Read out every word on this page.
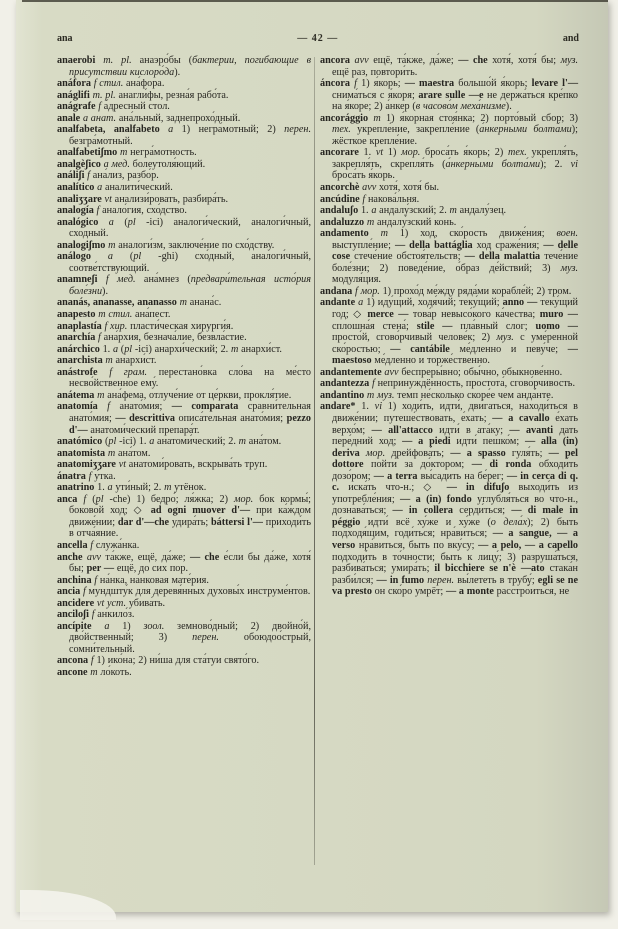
ana	— 42 —	and

anaerobi m. pl. анаэро́бы (бактерии, погибающие в присутствии кислоро́да).

anáfora f стил. ана́фора.

anáglifi m. pl. анагли́фы, резна́я рабо́та.

anágrafe f а́дресный стол.

anale a анат. ана́льный, заднепрохо́дный.

analfabeta, analfabeto a 1) негра́мотный; 2) перен. безгра́мотный.

analfabetiʃmo m негра́мотность.

analgèʃico a мед. болеутоля́ющий.

análiʃi f ана́лиз, разбо́р.

analítico a аналити́ческий.

analiʒʒare vt анализи́ровать, разбира́ть.

analogía f анало́гия, схо́дство.

analógico a (pl -ici) аналоги́ческий, аналоги́чный, схо́дный.

analogiʃmo m аналоги́зм, заключе́ние по схо́дству.

análogo a (pl -ghi) схо́дный, аналоги́чный, соотве́тствующий.

anamneʃi f мед. ана́мнез (предвари́тельная исто́рия боле́зни).

ananás, ananasse, ananasso m анана́с.

anapesto m стил. ана́пест.

anaplastía f хир. пласти́ческая хирурги́я.

anarchía f ана́рхия, безнача́лие, безвла́стие.

anárchico 1. a (pl -ici) анархи́ческий; 2. m анархи́ст.

anarchista m анархи́ст.

anástrofe f грам. перестано́вка сло́ва на ме́сто несво́йственное ему́.

anátema m ана́фема, отлуче́ние от це́ркви, прокля́тие.

anatomía f анато́мия; — comparata сравни́тельная анато́мия; — descrittiva описа́тельная анато́мия; pezzo d'— анатоми́ческий препара́т.

anatómico (pl -ici) 1. a анатоми́ческий; 2. m ана́том.

anatomista m ана́том.

anatomiʒʒare vt анатоми́ровать, вскрыва́ть труп.

ánatra f у́тка.

anatrino 1. a ути́ный; 2. m утёнок.

anca f (pl -che) 1) бедро́; ля́жка; 2) мор. бок кормы́; боково́й ход; ◇ ad ogni muover d'— при ка́ждом движе́нии; dar d'—che удира́ть; báttersi l'— приходи́ть в отча́яние.

ancella f служа́нка.

anche avv та́кже, ещё, да́же; — che е́сли бы да́же, хотя́ бы; per — ещё, до сих пор.

anchina f на́нка, на́нковая мате́рия.

ancia f мундшту́к для деревя́нных духовы́х инструме́нтов.

ancidere vt уст. убива́ть.

anciloʃi f анкило́з.

ancípite a 1) зоол. земново́дный; 2) двойно́й, дво́йственный; 3) перен. обоюдоо́стрый, сомни́тельный.

ancona f 1) ико́на; 2) ни́ша для ста́туи свято́го.

ancone m ло́коть.

ancora avv ещё, та́кже, да́же; — che хотя́, хотя́ бы; муз. ещё раз, повтори́ть.

áncora f 1) я́корь; — maestra большо́й я́корь; levare l'— снима́ться с я́коря; arare sulle —e не держа́ться кре́пко на я́коре; 2) а́нкер (в часово́м меха́низме).

ancorággio m 1) я́корная стоя́нка; 2) порто́вый сбор; 3) тех. укрепле́ние, закрепле́ние (а́нкерными болта́ми); жёсткое крепле́ние.

ancorare 1. vt 1) мор. броса́ть я́корь; 2) тех. укрепля́ть, закрепля́ть, скрепля́ть (а́нкерными болта́ми); 2. vi броса́ть я́корь.

ancorchè avv хотя́, хотя́ бы.

ancúdine f накова́льня.

andaluʃo 1. a андалу́зский; 2. m андалу́зец.

andaluzzo m андалу́зский конь.

andamento m 1) ход, ско́рость движе́ния; воен. выступле́ние; — della battáglia ход сраже́ния; — delle cose стече́ние обстоя́тельств; — della malattia тече́ние боле́зни; 2) поведе́ние, о́браз де́йствий; 3) муз. модуля́ция.

andana f мор. 1) прохо́д ме́жду ряда́ми корабле́й; 2) тром.

andante a 1) иду́щий, ходя́чий; теку́щий; anno — теку́щий год; ◇ merce — това́р невысо́кого ка́чества; muro — сплошна́я стена́; stile — пла́вный слог; uomo — просто́й, сгово́рчивый челове́к; 2) муз. с уме́ренной ско́ростью; — cantábile ме́дленно и певу́че; — maestoso ме́дленно и торже́ственно.

andantemente avv беспреры́вно; обы́чно, обыкнове́нно.

andantezza f непринуждённость, простота́, сгово́рчивость.

andantino m муз. темп не́сколько скоре́е чем анда́нте.

andare* 1. vi 1) ходи́ть, идти́, дви́гаться, находи́ться в движе́нии; путеше́ствовать, е́хать; — a cavallo е́хать верхо́м; — all'attacco идти́ в ата́ку; — avanti дать пере́дний ход; — a piedi идти́ пешко́м; — alla (in) deriva мор. дрейфова́ть; — a spasso гуля́ть; — pel dottore пойти́ за до́ктором; — di ronda обходи́ть дозо́ром; — a terra вы́садить на бе́рег; — in cerca di q. c. иска́ть что-н.; ◇ — in difuʃo выходи́ть из употребле́ния; — a (in) fondo углубля́ться во что-н., дознава́ться; — in collera серди́ться; — di male in péggio идти́ всё ху́же и ху́же (о дела́х); 2) быть подходя́щим, годи́ться; нра́виться; — a sangue, — a verso нра́виться, быть по вку́су; — a pelo, — a capello подходи́ть в то́чности; быть к лицу́; 3) разруша́ться, разбива́ться; умира́ть; il bicchiere se n'è —ato стака́н разби́лся; — in fumo перен. вы́лететь в трубу́; egli se ne va presto он ско́ро умрёт; — a monte расстро́иться, не
